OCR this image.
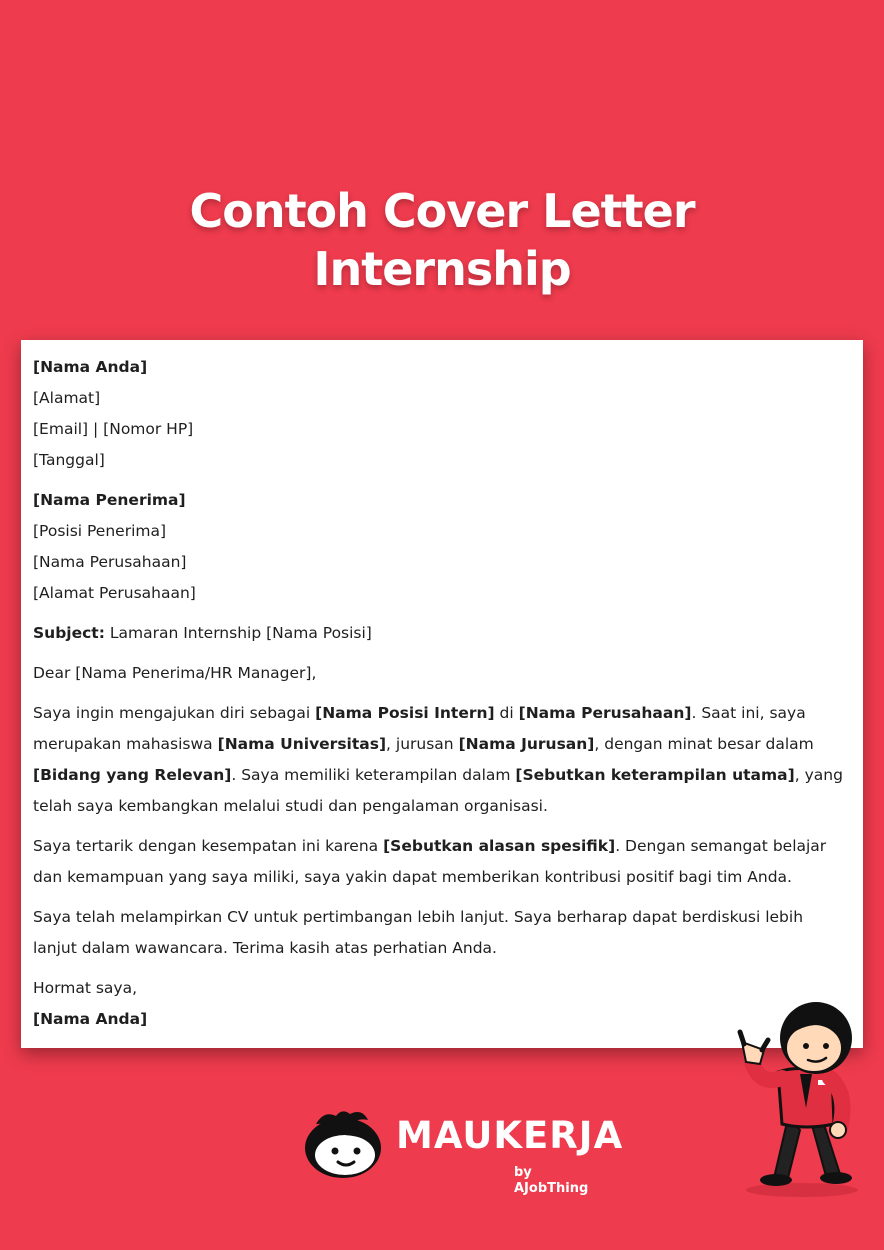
Contoh Cover Letter
Internship

[Nama Anda]

[Alamat]

[Email] | [Nomor HP]

[Tanggal]

[Nama Penerima]

[Posisi Penerima]

[Nama Perusahaan]

[Alamat Perusahaan]

Subject: Lamaran Internship [Nama Posisi]

Dear [Nama Penerima/HR Manager],

Saya ingin mengajukan diri sebagai [Nama Posisi Intern] di [Nama Perusahaan]. Saat ini, saya merupakan mahasiswa [Nama Universitas], jurusan [Nama Jurusan], dengan minat besar dalam [Bidang yang Relevan]. Saya memiliki keterampilan dalam [Sebutkan keterampilan utama], yang telah saya kembangkan melalui studi dan pengalaman organisasi.

Saya tertarik dengan kesempatan ini karena [Sebutkan alasan spesifik]. Dengan semangat belajar dan kemampuan yang saya miliki, saya yakin dapat memberikan kontribusi positif bagi tim Anda.

Saya telah melampirkan CV untuk pertimbangan lebih lanjut. Saya berharap dapat berdiskusi lebih lanjut dalam wawancara. Terima kasih atas perhatian Anda.

Hormat saya,

[Nama Anda]

MAUKERJA
by AJobThing
